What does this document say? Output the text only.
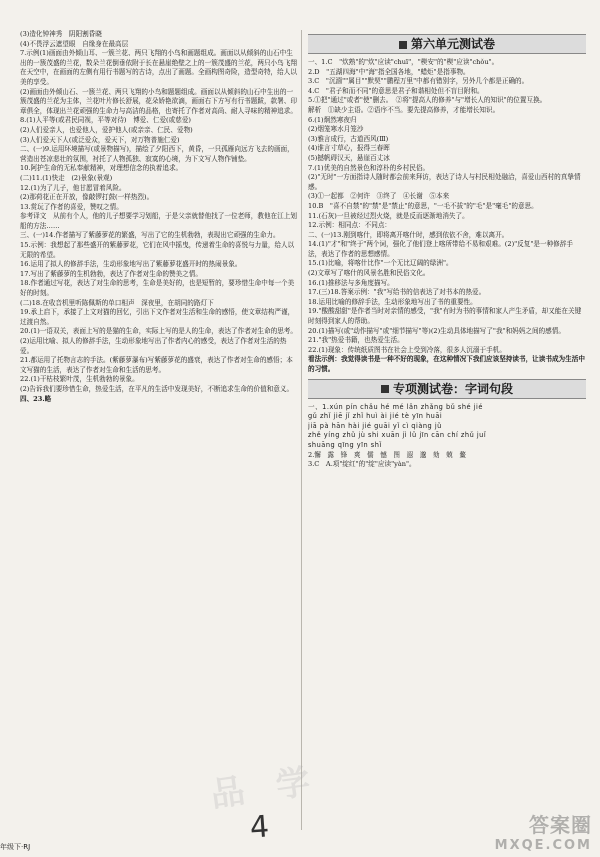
(3)造化钟神秀　阴阳割昏晓

(4)不畏浮云遮望眼　自缘身在最高层

7.示例(1)画面由外倾山耳、一簇兰花、两只飞翔的小鸟和画题组成。画面以从倾斜的山石中生出的一簇茂盛的兰花，数朵兰花倒垂依附于长在悬崖绝壁之上的一簇茂盛的兰花，两只小鸟飞翔在天空中，在画面的左侧有用行书题写的古诗，点出了画题。全画构图奇险，造型奇特，给人以美的享受。

(2)画面由外倾山石、一簇兰花、两只飞翔的小鸟和题题组成。画面以从倾斜的山石中生出的一簇茂盛的兰花为主体，兰花叶片修长舒展，花朵娇艳欲滴，画面右下方写有行书题跋，款署、印章俱全，体现出兰花顽强的生命力与高洁的品格，也寄托了作者对高尚、耐人寻味的精神追求。

8.(1)人平等(或君民同视，平等对待)　博爱、仁爱(或慈爱)

(2)人们爱亲人，也爱他人，爱护他人(或亲亲、仁民、爱物)

(3)人们爱天下人(或泛爱众，爱天下，对万物普施仁爱)

二、(一)9.运用环境描写(或景物描写)，描绘了夕阳西下，黄昏，一只孤雁向远方飞去的画面，营造出苍凉悲壮的氛围，衬托了人物孤独、寂寞的心境，为下文写人物作铺垫。

10.阿护生命的无私奉献精神，对理想信念的执着追求。

(二)11.(1)快走　(2)景象(景观)

12.(1)为了儿子，他甘愿冒着风险。

(2)那荷花正在开放，像敲锣打鼓(一样热烈)。

13.赏玩了作者的喜爱，赞叹之情。

参考译文　从前有个人，他的儿子想要学习划船，于是父亲就替他找了一位老师，教他在江上划船的方法……

三、(一)14.作者描写了紫藤萝花的繁盛，写出了它的生机勃勃，表现出它顽强的生命力。

15.示例：我想起了那些盛开的紫藤萝花，它们在风中摇曳，传递着生命的喜悦与力量，给人以无限的希望。

16.运用了拟人的修辞手法，生动形象地写出了紫藤萝花盛开时的热闹景象。

17.写出了紫藤萝的生机勃勃，表达了作者对生命的赞美之情。

18.作者通过写花，表达了对生命的思考，生命是美好的，也是短暂的，要珍惜生命中每一个美好的时刻。

(二)18.在收音机里听陈佩斯的单口相声　深夜里，在胡同的路灯下

19.承上启下，承接了上文对猫的回忆，引出下文作者对生活和生命的感悟，使文章结构严谨，过渡自然。

20.(1)一语双关，表面上写的是猫的生命，实际上写的是人的生命，表达了作者对生命的思考。

(2)运用比喻、拟人的修辞手法，生动形象地写出了作者内心的感受，表达了作者对生活的热爱。

21.都运用了托物言志的手法。(紫藤萝瀑布)写紫藤萝花的盛衰，表达了作者对生命的感悟；本文写猫的生活，表达了作者对生命和生活的思考。

22.(1)干枯枝繁叶茂，生机勃勃的景象。

(2)告诉我们要珍惜生命，热爱生活，在平凡的生活中发现美好，不断追求生命的价值和意义。

四、23.略

第六单元测试卷

一、1.C　"炊熟"的"炊"应读"chuī"，"楔安"的"楔"应读"chǒu"。

2.D　"五湖四海"中"海"指全国各地，"蜡炬"是指事物。

3.C　"沉湎""属目""默契""鹏程万里"中都有错别字，另外几个都是正确的。

4.C　"君子和而不同"的意思是君子和谐相处但不盲目附和。

5.①把"通过"或者"使"删去。　②将"提高人的修养"与"增长人的知识"的位置互换。

解析　①缺少主语。②语序不当。要先提高修养，才能增长知识。

6.(1)炯然寒夜归

(2)烟笼寒水月笼沙

(3)雅言成行，古道西风(Ⅲ)

(4)谁言寸草心，报得三春晖

(5)撼帆碍汉天，悬崖百丈冰

7.(1)优美的自然景色和淳朴的乡村民俗。

(2)"无时"一方面指诗人随时都会前来拜访，表达了诗人与村民相处融洽，喜爱山西村的真挚情感。

(3)①一起都　②何许　③终了　④长谢　⑤本来

10.B　"喜不自禁"的"禁"是"禁止"的意思，"一毛不拔"的"毛"是"毫毛"的意思。

11.(石灰)一旦被经过烈火烧，就是反而逐渐地消失了。

12.示例：相同点：不同点：

二、(一)13.刚到喀什，即将离开喀什时，感到依依不舍，难以离开。

14.(1)"才"和"终于"两个词，强化了他们登上喀所带给不易和艰难。(2)"反复"是一种修辞手法，表达了作者的思想感情。

15.(1)比喻，将喀什比作"一个无比辽阔的绿洲"。

(2)文章写了喀什的风景名胜和民俗文化。

16.(1)推移法与多角度描写。

17.(三)18.答案示例："我"写给书的信表达了对书本的热爱。

18.运用比喻的修辞手法，生动形象地写出了书的重要性。

19."酸酸甜甜"是作者当时对亲情的感受，"我"有时为书的事情和家人产生矛盾，却又能在关键时刻得到家人的帮助。

20.(1)描写(或"动作描写"或"细节描写"等)(2)生动具体地描写了"我"和妈妈之间的感情。

21."我"热爱书籍，也热爱生活。

22.(1)现象：传统纸质图书在社会上受到冷落，很多人沉溺于手机。

看法示例：我觉得读书是一种不好的现象，在这种情况下我们应该坚持读书，让读书成为生活中的习惯。

专项测试卷：字词句段

一、1.xún pín chǎu hé mé lǎn zhǎng bǔ shé jié

gǔ zhǐ jiē jǐ zhǐ huì ài jié tè yīn huāi

jiā pà hān hài jié guāi yǐ cì qiàng jǔ

zhě yíng zhǔ jù shi xuān jì lǔ jīn cān chí zhǔ juǐ

shuāng qīng yīn shǐ

2.懈　露　锋　爽　儒　憾　图　遐　邈　劾　兢　鳌

3.C　A.项"绽红"的"绽"应读"yàn"。

品 学
年级下·RJ
4	答案圈
MXQE.COM
